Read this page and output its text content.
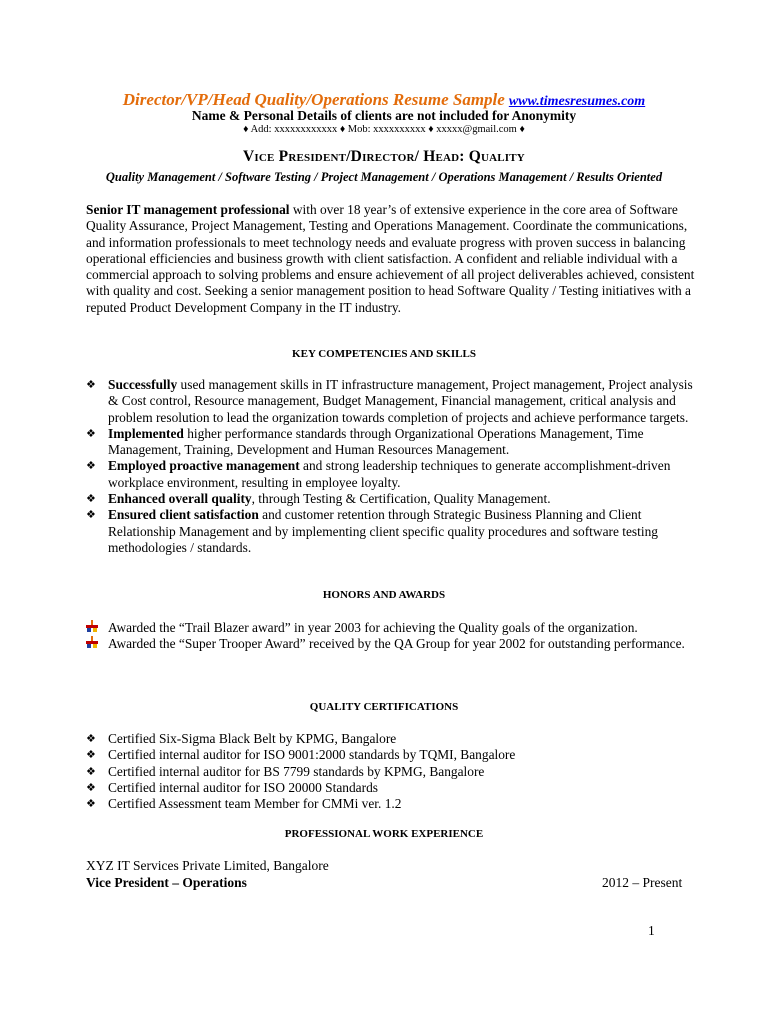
Director/VP/Head Quality/Operations Resume Sample www.timesresumes.com
Name & Personal Details of clients are not included for Anonymity
♦ Add: xxxxxxxxxxxx ♦ Mob: xxxxxxxxxx ♦ xxxxx@gmail.com ♦
Vice President/Director/ Head: Quality
Quality Management / Software Testing / Project Management / Operations Management / Results Oriented
Senior IT management professional with over 18 year’s of extensive experience in the core area of Software Quality Assurance, Project Management, Testing and Operations Management. Coordinate the communications, and information professionals to meet technology needs and evaluate progress with proven success in balancing operational efficiencies and business growth with client satisfaction. A confident and reliable individual with a commercial approach to solving problems and ensure achievement of all project deliverables achieved, consistent with quality and cost. Seeking a senior management position to head Software Quality / Testing initiatives with a reputed Product Development Company in the IT industry.
KEY COMPETENCIES AND SKILLS
❖ Successfully used management skills in IT infrastructure management, Project management, Project analysis & Cost control, Resource management, Budget Management, Financial management, critical analysis and problem resolution to lead the organization towards completion of projects and achieve performance targets.
❖ Implemented higher performance standards through Organizational Operations Management, Time Management, Training, Development and Human Resources Management.
❖ Employed proactive management and strong leadership techniques to generate accomplishment-driven workplace environment, resulting in employee loyalty.
❖ Enhanced overall quality, through Testing & Certification, Quality Management.
❖ Ensured client satisfaction and customer retention through Strategic Business Planning and Client Relationship Management and by implementing client specific quality procedures and software testing methodologies / standards.
HONORS AND AWARDS
Awarded the “Trail Blazer award” in year 2003 for achieving the Quality goals of the organization.
Awarded the “Super Trooper Award” received by the QA Group for year 2002 for outstanding performance.
QUALITY CERTIFICATIONS
❖ Certified Six-Sigma Black Belt by KPMG, Bangalore
❖ Certified internal auditor for ISO 9001:2000 standards by TQMI, Bangalore
❖ Certified internal auditor for BS 7799 standards by KPMG, Bangalore
❖ Certified internal auditor for ISO 20000 Standards
❖ Certified Assessment team Member for CMMi ver. 1.2
PROFESSIONAL WORK EXPERIENCE
XYZ IT Services Private Limited, Bangalore
Vice President – Operations	2012 – Present
1
